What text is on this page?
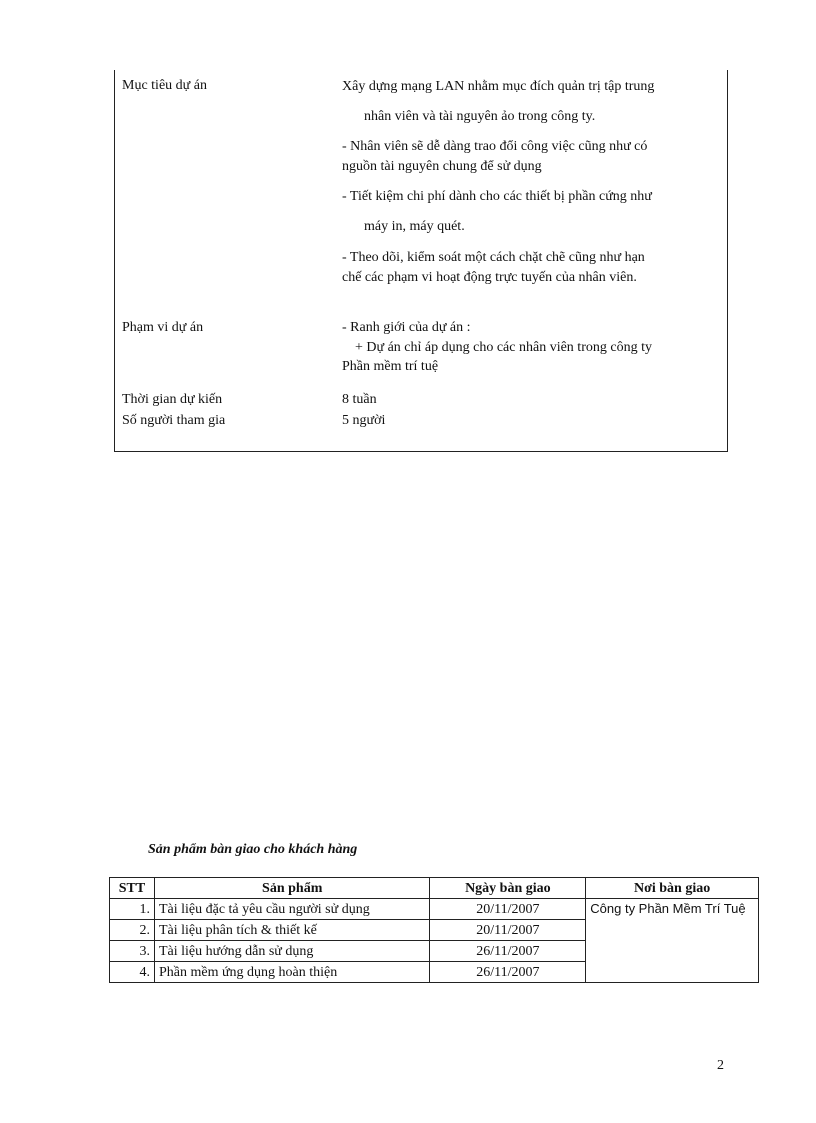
Mục tiêu dự án	Xây dựng mạng LAN nhằm mục đích quản trị tập trung
nhân viên và tài nguyên ảo trong công ty.
- Nhân viên sẽ dễ dàng trao đổi công việc cũng như có
nguồn tài nguyên chung để sử dụng
- Tiết kiệm chi phí dành cho các thiết bị phần cứng như
máy in, máy quét.
- Theo dõi, kiểm soát một cách chặt chẽ cũng như hạn
chế các phạm vi hoạt động trực tuyến của nhân viên.
Phạm vi dự án	- Ranh giới của dự án :
+ Dự án chỉ áp dụng cho các nhân viên trong công ty
Phần mềm trí tuệ
Thời gian dự kiến	8 tuần
Số người tham gia	5 người
Sản phẩm bàn giao cho khách hàng
STT	Sản phẩm	Ngày bàn giao	Nơi bàn giao
1.	Tài liệu đặc tả yêu cầu người sử dụng	20/11/2007	Công ty Phần Mềm Trí Tuệ
2.	Tài liệu phân tích & thiết kế	20/11/2007	
3.	Tài liệu hướng dẫn sử dụng	26/11/2007	
4.	Phần mềm ứng dụng hoàn thiện	26/11/2007	
2
